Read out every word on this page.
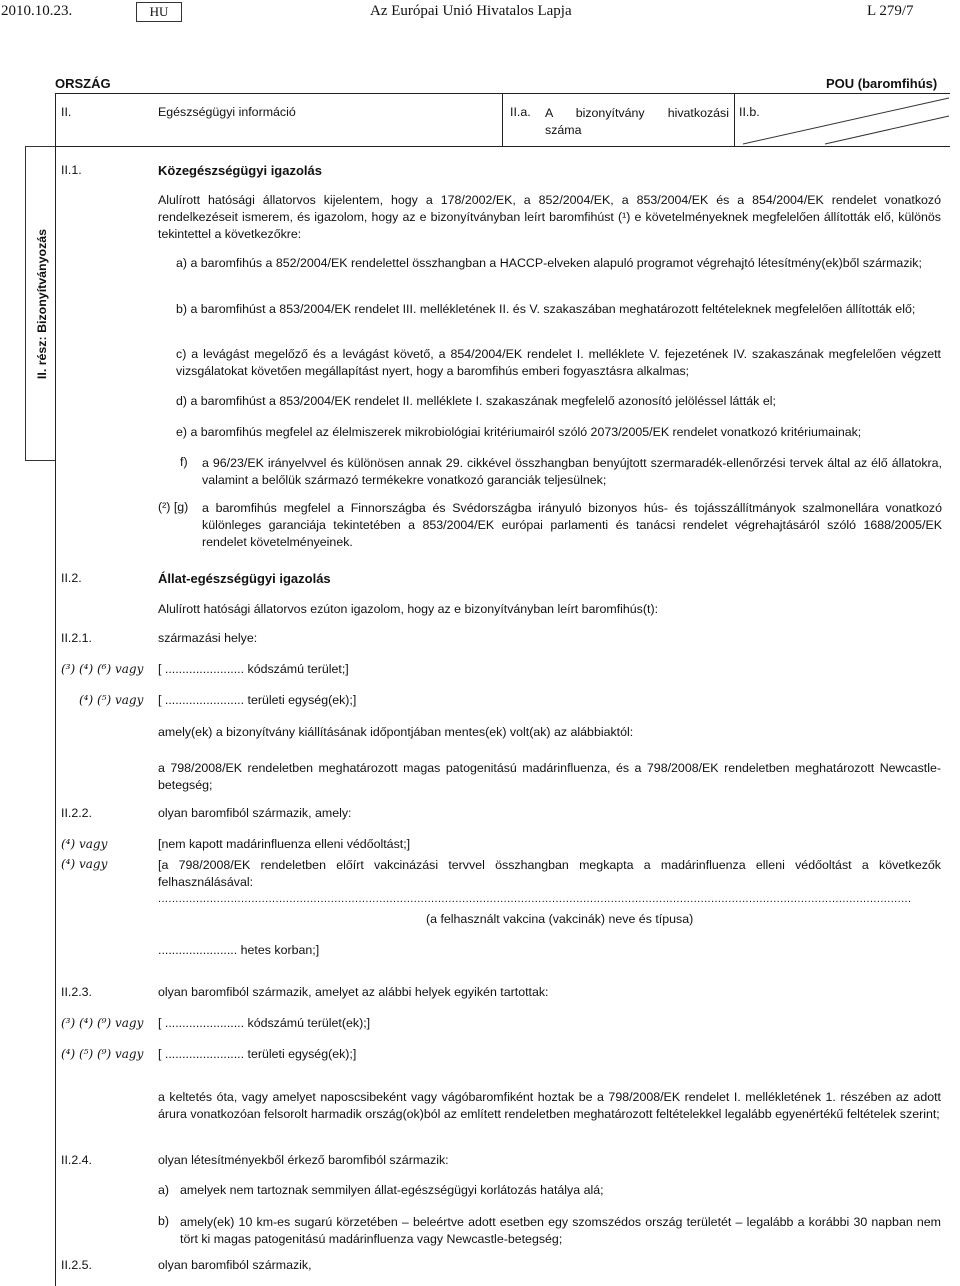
2010.10.23.	HU	Az Európai Unió Hivatalos Lapja	L 279/7
ORSZÁG	POU (baromfihús)
II.	Egészségügyi információ	II.a. A bizonyítvány hivatkozási száma
II.b.
II. rész: Bizonyítványozás
II.1.	Közegészségügyi igazolás

Alulírott hatósági állatorvos kijelentem, hogy a 178/2002/EK, a 852/2004/EK, a 853/2004/EK és a 854/2004/EK rendelet vonatkozó rendelkezéseit ismerem, és igazolom, hogy az e bizonyítványban leírt baromfihúst (¹) e követelményeknek megfelelően állították elő, különös tekintettel a következőkre:

a) a baromfihús a 852/2004/EK rendelettel összhangban a HACCP-elveken alapuló programot végrehajtó létesítmény(ek)ből származik;

b) a baromfihúst a 853/2004/EK rendelet III. mellékletének II. és V. szakaszában meghatározott feltételeknek megfelelően állították elő;

c) a levágást megelőző és a levágást követő, a 854/2004/EK rendelet I. melléklete V. fejezetének IV. szakaszának megfelelően végzett vizsgálatokat követően megállapítást nyert, hogy a baromfihús emberi fogyasztásra alkalmas;

d) a baromfihúst a 853/2004/EK rendelet II. melléklete I. szakaszának megfelelő azonosító jelöléssel látták el;

e) a baromfihús megfelel az élelmiszerek mikrobiológiai kritériumairól szóló 2073/2005/EK rendelet vonatkozó kritériumainak;

f) a 96/23/EK irányelvvel és különösen annak 29. cikkével összhangban benyújtott szermaradék-ellenőrzési tervek által az élő állatokra, valamint a belőlük származó termékekre vonatkozó garanciák teljesülnek;

(²) [g) a baromfihús megfelel a Finnországba és Svédországba irányuló bizonyos hús- és tojásszállítmányok szalmonellára vonatkozó különleges garanciája tekintetében a 853/2004/EK európai parlamenti és tanácsi rendelet végrehajtásáról szóló 1688/2005/EK rendelet követelményeinek.

II.2.	Állat-egészségügyi igazolás

Alulírott hatósági állatorvos ezúton igazolom, hogy az e bizonyítványban leírt baromfihús(t):

II.2.1.	származási helye:
(³) (⁴) (⁶) vagy [ ....................... kódszámú terület;]
(⁴) (⁵) vagy [ ....................... területi egység(ek);]

amely(ek) a bizonyítvány kiállításának időpontjában mentes(ek) volt(ak) az alábbiaktól:

a 798/2008/EK rendeletben meghatározott magas patogenitású madárinfluenza, és a 798/2008/EK rendeletben meghatározott Newcastle-betegség;

II.2.2.	olyan baromfiból származik, amely:
(⁴) vagy	[nem kapott madárinfluenza elleni védőoltást;]
(⁴) vagy	[a 798/2008/EK rendeletben előírt vakcinázási tervvel összhangban megkapta a madárinfluenza elleni védőoltást a következők felhasználásával:

..........................................................................................................................................................................................................................
(a felhasznált vakcina (vakcinák) neve és típusa)
....................... hetes korban;]
II.2.3.	olyan baromfiból származik, amelyet az alábbi helyek egyikén tartottak:
(³) (⁴) (⁹) vagy [ ....................... kódszámú terület(ek);]
(⁴) (⁵) (⁹) vagy [ ....................... területi egység(ek);]

a keltetés óta, vagy amelyet naposcsibeként vagy vágóbaromfiként hoztak be a 798/2008/EK rendelet I. mellékletének 1. részében az adott árura vonatkozóan felsorolt harmadik ország(ok)ból az említett rendeletben meghatározott feltételekkel legalább egyenértékű feltételek szerint;

II.2.4.	olyan létesítményekből érkező baromfiból származik:
a) amelyek nem tartoznak semmilyen állat-egészségügyi korlátozás hatálya alá;
b) amely(ek) 10 km-es sugarú körzetében – beleértve adott esetben egy szomszédos ország területét – legalább a korábbi 30 napban nem tört ki magas patogenitású madárinfluenza vagy Newcastle-betegség;

II.2.5.	olyan baromfiból származik,
